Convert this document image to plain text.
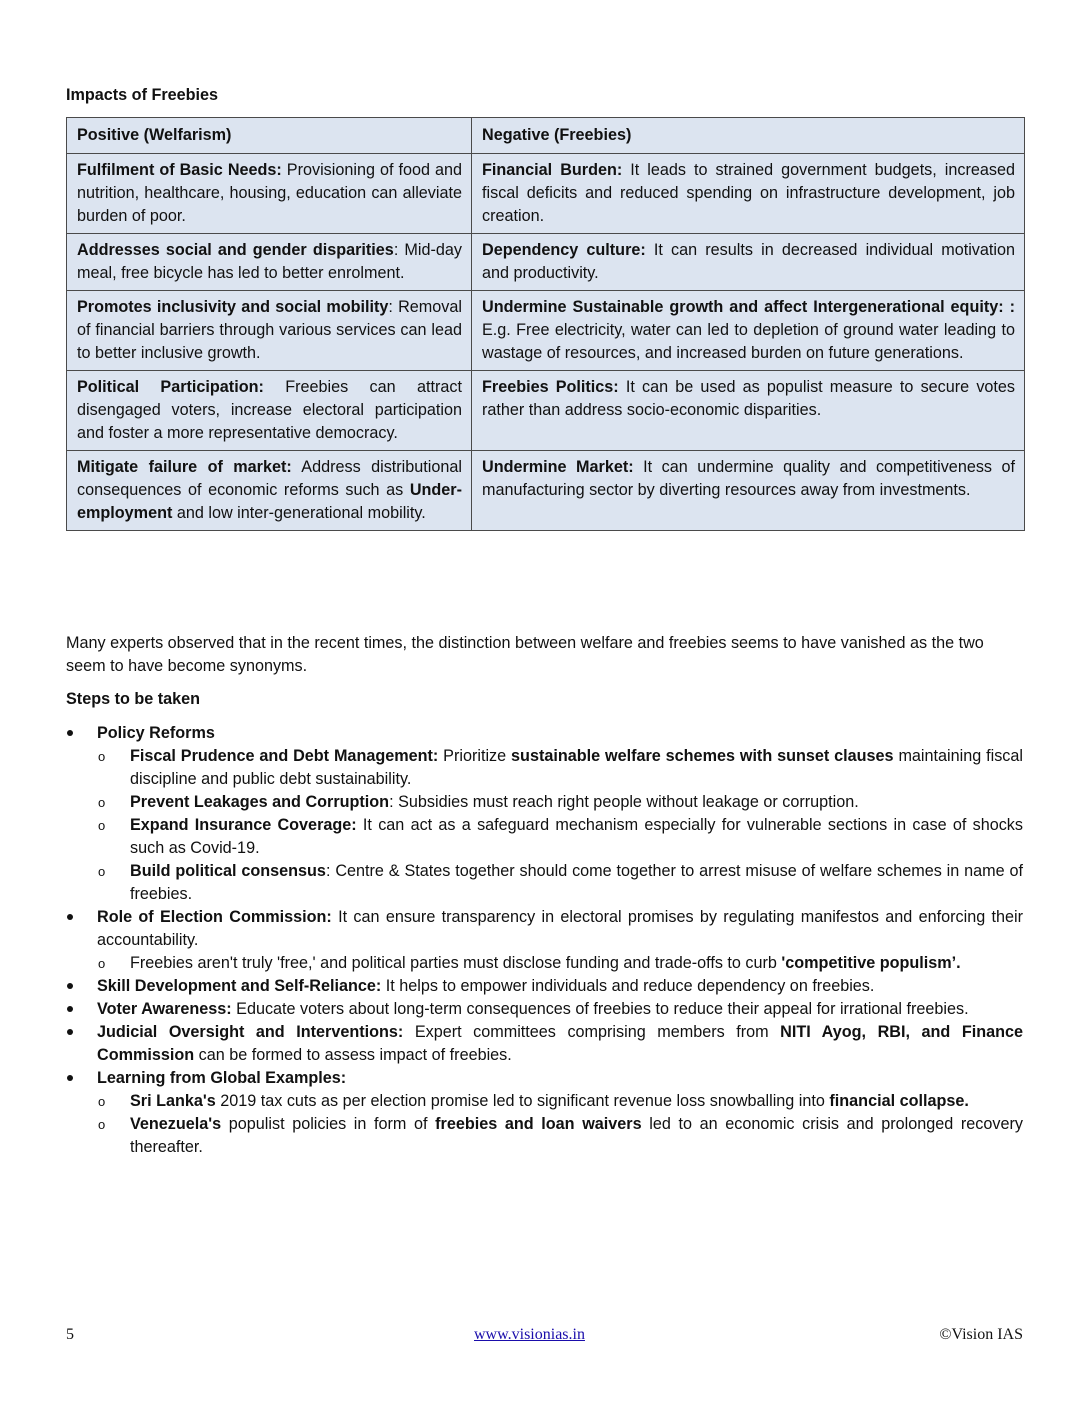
Impacts of Freebies

Positive (Welfarism)	Negative (Freebies)
Fulfilment of Basic Needs: Provisioning of food and nutrition, healthcare, housing, education can alleviate burden of poor.	Financial Burden: It leads to strained government budgets, increased fiscal deficits and reduced spending on infrastructure development, job creation.
Addresses social and gender disparities: Mid-day meal, free bicycle has led to better enrolment.	Dependency culture: It can results in decreased individual motivation and productivity.
Promotes inclusivity and social mobility: Removal of financial barriers through various services can lead to better inclusive growth.	Undermine Sustainable growth and affect Intergenerational equity: : E.g. Free electricity, water can led to depletion of ground water leading to wastage of resources, and increased burden on future generations.
Political Participation: Freebies can attract disengaged voters, increase electoral participation and foster a more representative democracy.	Freebies Politics: It can be used as populist measure to secure votes rather than address socio-economic disparities.
Mitigate failure of market: Address distributional consequences of economic reforms such as Under-employment and low inter-generational mobility.	Undermine Market: It can undermine quality and competitiveness of manufacturing sector by diverting resources away from investments.

Many experts observed that in the recent times, the distinction between welfare and freebies seems to have vanished as the two seem to have become synonyms.

Steps to be taken

Policy Reforms
o Fiscal Prudence and Debt Management: Prioritize sustainable welfare schemes with sunset clauses maintaining fiscal discipline and public debt sustainability.
o Prevent Leakages and Corruption: Subsidies must reach right people without leakage or corruption.
o Expand Insurance Coverage: It can act as a safeguard mechanism especially for vulnerable sections in case of shocks such as Covid-19.
o Build political consensus: Centre & States together should come together to arrest misuse of welfare schemes in name of freebies.
Role of Election Commission: It can ensure transparency in electoral promises by regulating manifestos and enforcing their accountability.
o Freebies aren't truly 'free,' and political parties must disclose funding and trade-offs to curb 'competitive populism’.
Skill Development and Self-Reliance: It helps to empower individuals and reduce dependency on freebies.
Voter Awareness: Educate voters about long-term consequences of freebies to reduce their appeal for irrational freebies.
Judicial Oversight and Interventions: Expert committees comprising members from NITI Ayog, RBI, and Finance Commission can be formed to assess impact of freebies.
Learning from Global Examples:
o Sri Lanka's 2019 tax cuts as per election promise led to significant revenue loss snowballing into financial collapse.
o Venezuela's populist policies in form of freebies and loan waivers led to an economic crisis and prolonged recovery thereafter.
5	www.visionias.in	©Vision IAS
